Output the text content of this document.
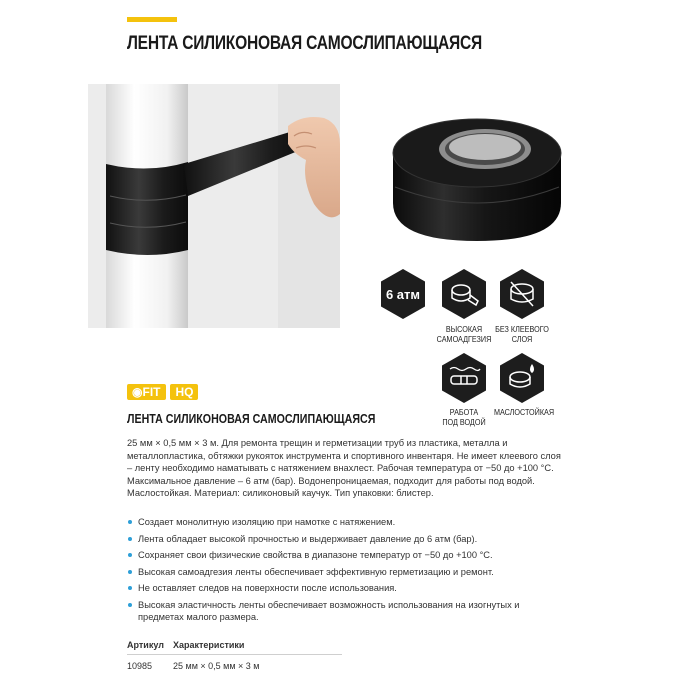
ЛЕНТА СИЛИКОНОВАЯ САМОСЛИПАЮЩАЯСЯ
6 атм
ВЫСОКАЯ
САМОАДГЕЗИЯ
БЕЗ КЛЕЕВОГО
СЛОЯ
РАБОТА
ПОД ВОДОЙ
МАСЛОСТОЙКАЯ
◉FIT	HQ
ЛЕНТА СИЛИКОНОВАЯ САМОСЛИПАЮЩАЯСЯ

25 мм × 0,5 мм × 3 м. Для ремонта трещин и герметизации труб из пластика, металла и металлопластика, обтяжки рукояток инструмента и спортивного инвентаря. Не имеет клеевого слоя – ленту необходимо наматывать с натяжением внахлест. Рабочая температура от −50 до +100 °С. Максимальное давление – 6 атм (бар). Водонепроницаемая, подходит для работы под водой. Маслостойкая. Материал: силиконовый каучук. Тип упаковки: блистер.

Создает монолитную изоляцию при намотке с натяжением.
Лента обладает высокой прочностью и выдерживает давление до 6 атм (бар).
Сохраняет свои физические свойства в диапазоне температур от −50 до +100 °С.
Высокая самоадгезия ленты обеспечивает эффективную герметизацию и ремонт.
Не оставляет следов на поверхности после использования.
Высокая эластичность ленты обеспечивает возможность использования на изогнутых и предметах малого размера.
Артикул	Характеристики
10985	25 мм × 0,5 мм × 3 м
